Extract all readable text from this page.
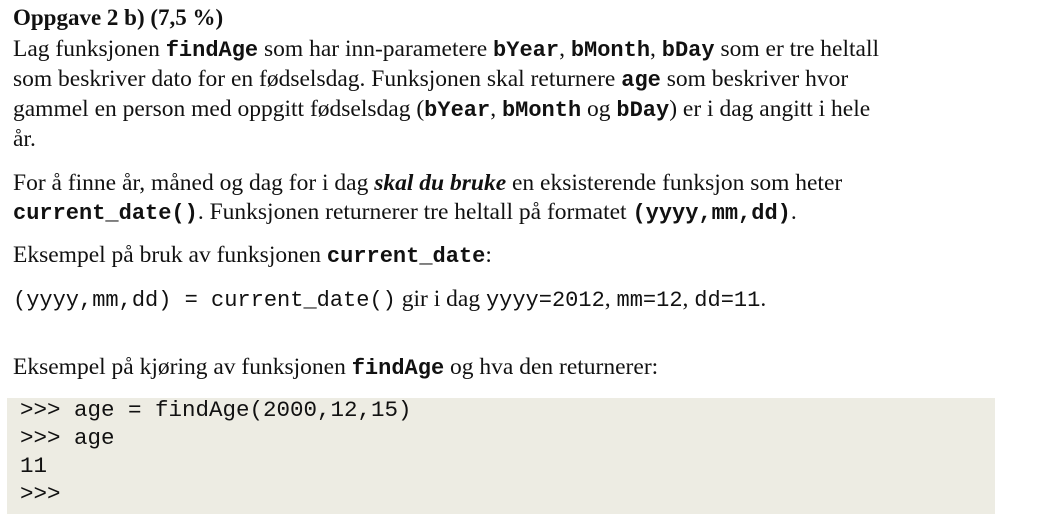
Oppgave 2 b) (7,5 %)

Lag funksjonen findAge som har inn-parametere bYear, bMonth, bDay som er tre heltall

som beskriver dato for en fødselsdag. Funksjonen skal returnere age som beskriver hvor

gammel en person med oppgitt fødselsdag (bYear, bMonth og bDay) er i dag angitt i hele

år.

For å finne år, måned og dag for i dag skal du bruke en eksisterende funksjon som heter

current_date(). Funksjonen returnerer tre heltall på formatet (yyyy,mm,dd).

Eksempel på bruk av funksjonen current_date:

(yyyy,mm,dd) = current_date() gir i dag yyyy=2012, mm=12, dd=11.

Eksempel på kjøring av funksjonen findAge og hva den returnerer:

>>> age = findAge(2000,12,15)
>>> age
11
>>>
